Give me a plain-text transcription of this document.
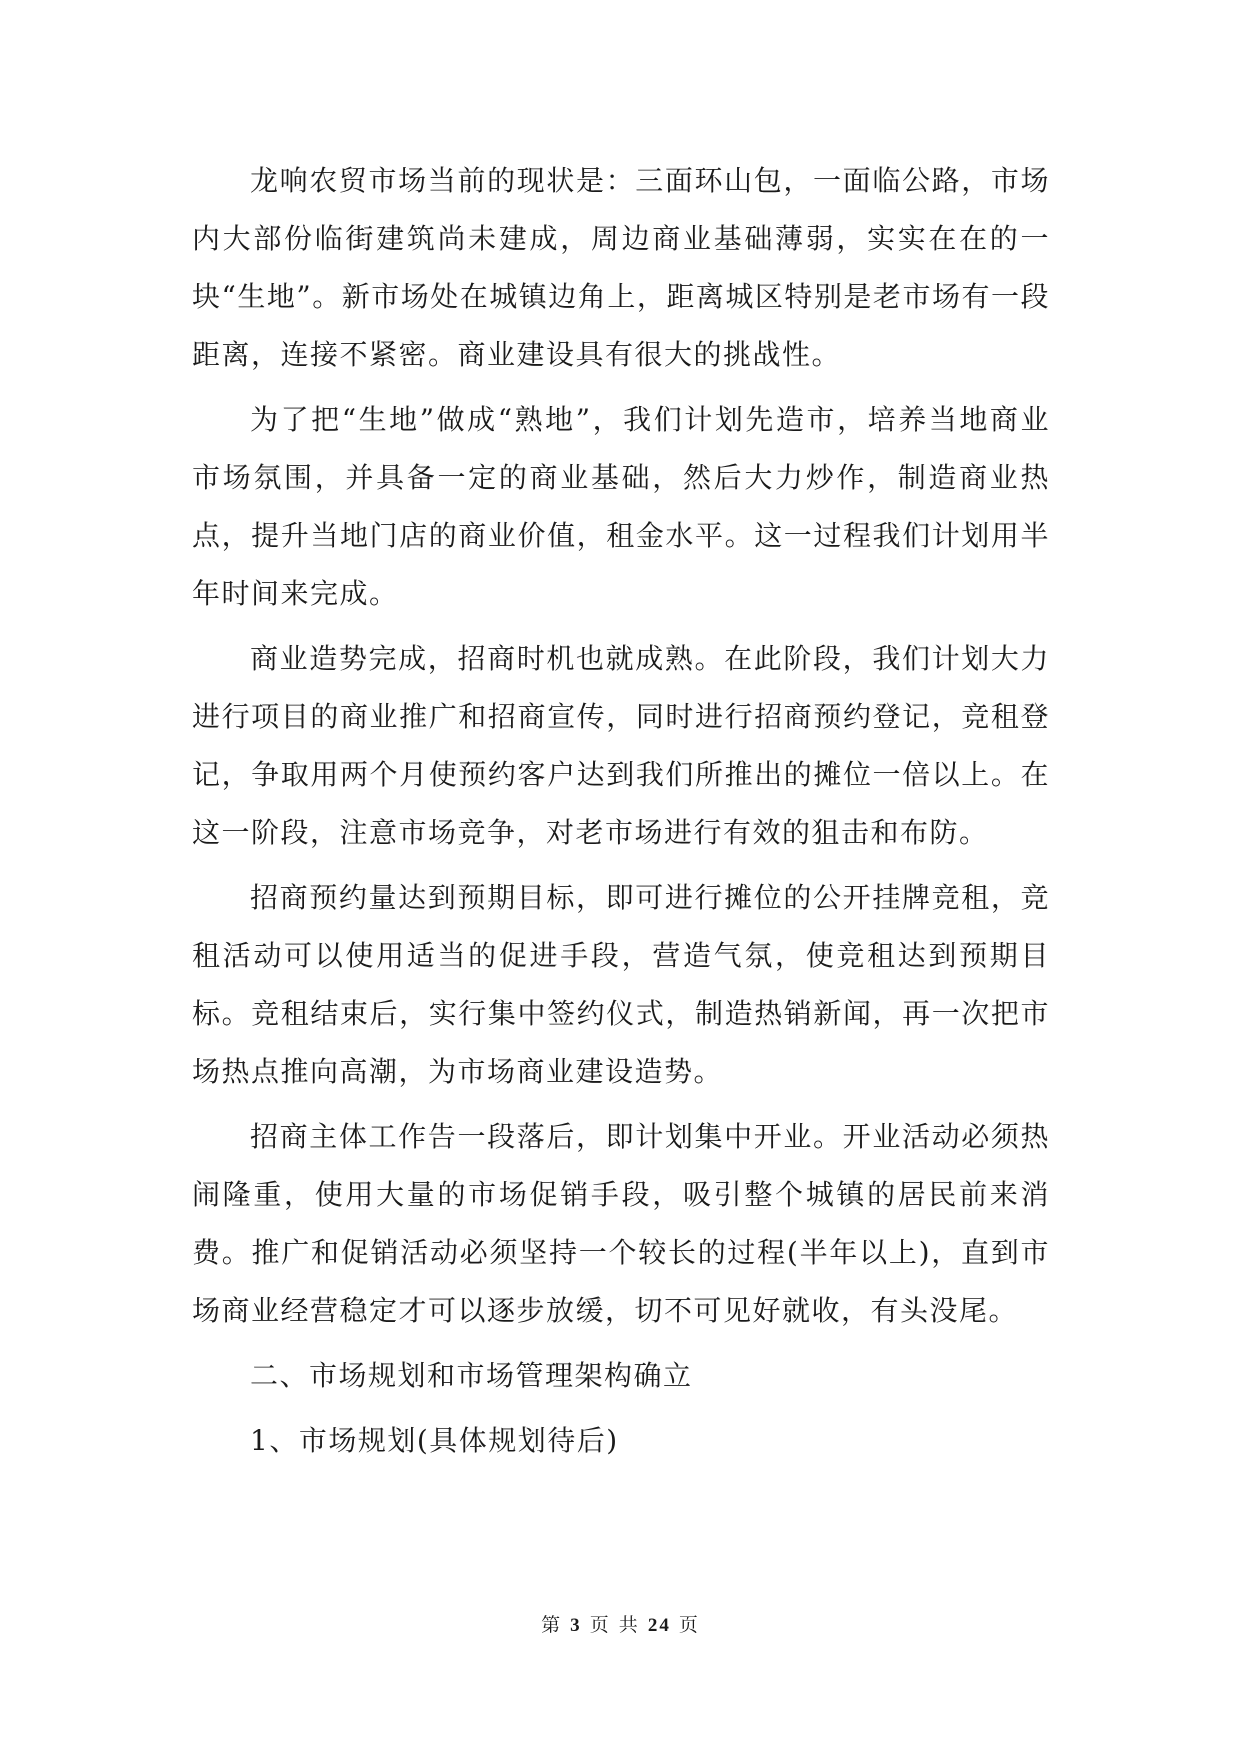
龙响农贸市场当前的现状是：三面环山包，一面临公路，市场内大部份临街建筑尚未建成，周边商业基础薄弱，实实在在的一块“生地”。新市场处在城镇边角上，距离城区特别是老市场有一段距离，连接不紧密。商业建设具有很大的挑战性。

为了把“生地”做成“熟地”，我们计划先造市，培养当地商业市场氛围，并具备一定的商业基础，然后大力炒作，制造商业热点，提升当地门店的商业价值，租金水平。这一过程我们计划用半年时间来完成。

商业造势完成，招商时机也就成熟。在此阶段，我们计划大力进行项目的商业推广和招商宣传，同时进行招商预约登记，竞租登记，争取用两个月使预约客户达到我们所推出的摊位一倍以上。在这一阶段，注意市场竞争，对老市场进行有效的狙击和布防。

招商预约量达到预期目标，即可进行摊位的公开挂牌竞租，竞租活动可以使用适当的促进手段，营造气氛，使竞租达到预期目标。竞租结束后，实行集中签约仪式，制造热销新闻，再一次把市场热点推向高潮，为市场商业建设造势。

招商主体工作告一段落后，即计划集中开业。开业活动必须热闹隆重，使用大量的市场促销手段，吸引整个城镇的居民前来消费。推广和促销活动必须坚持一个较长的过程(半年以上)，直到市场商业经营稳定才可以逐步放缓，切不可见好就收，有头没尾。

二、市场规划和市场管理架构确立

1、市场规划(具体规划待后)

第 3 页 共 24 页
